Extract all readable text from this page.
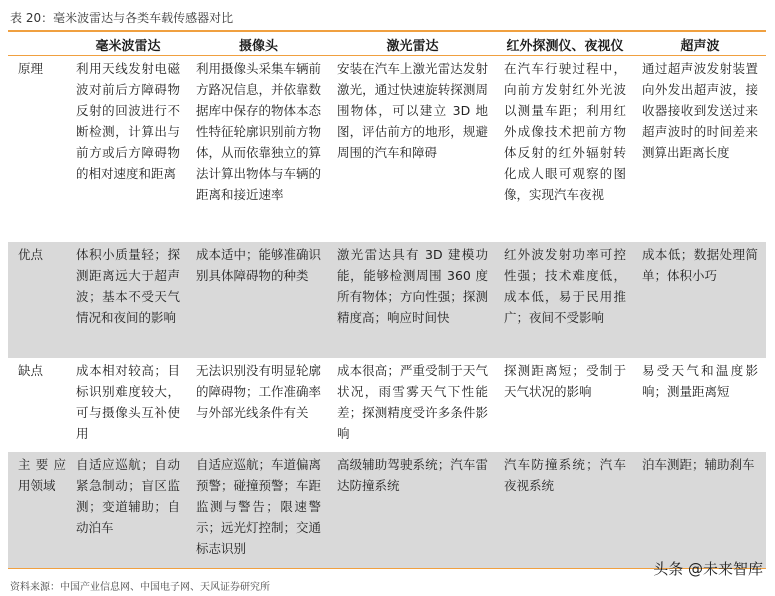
表 20：毫米波雷达与各类车载传感器对比
	毫米波雷达	摄像头	激光雷达	红外探测仪、夜视仪	超声波
原理	利用天线发射电磁波对前后方障碍物反射的回波进行不断检测，计算出与前方或后方障碍物的相对速度和距离	利用摄像头采集车辆前方路况信息，并依靠数据库中保存的物体本态性特征轮廓识别前方物体，从而依靠独立的算法计算出物体与车辆的距离和接近速率	安装在汽车上激光雷达发射激光，通过快速旋转探测周围物体，可以建立 3D 地图，评估前方的地形，规避周围的汽车和障碍	在汽车行驶过程中，向前方发射红外光波以测量车距；利用红外成像技术把前方物体反射的红外辐射转化成人眼可观察的图像，实现汽车夜视	通过超声波发射装置向外发出超声波，接收器接收到发送过来超声波时的时间差来测算出距离长度
优点	体积小质量轻；探测距离远大于超声波；基本不受天气情况和夜间的影响	成本适中；能够准确识别具体障碍物的种类	激光雷达具有 3D 建模功能，能够检测周围 360 度所有物体；方向性强；探测精度高；响应时间快	红外波发射功率可控性强；技术难度低，成本低，易于民用推广；夜间不受影响	成本低；数据处理简单；体积小巧
缺点	成本相对较高；目标识别难度较大，可与摄像头互补使用	无法识别没有明显轮廓的障碍物；工作准确率与外部光线条件有关	成本很高；严重受制于天气状况，雨雪雾天气下性能差；探测精度受许多条件影响	探测距离短；受制于天气状况的影响	易受天气和温度影响；测量距离短
主要应用领域	自适应巡航；自动紧急制动；盲区监测；变道辅助；自动泊车	自适应巡航；车道偏离预警；碰撞预警；车距监测与警告；限速警示；远光灯控制；交通标志识别	高级辅助驾驶系统；汽车雷达防撞系统	汽车防撞系统；汽车夜视系统	泊车测距；辅助刹车
资料来源：中国产业信息网、中国电子网、天风证券研究所
头条 @未来智库
